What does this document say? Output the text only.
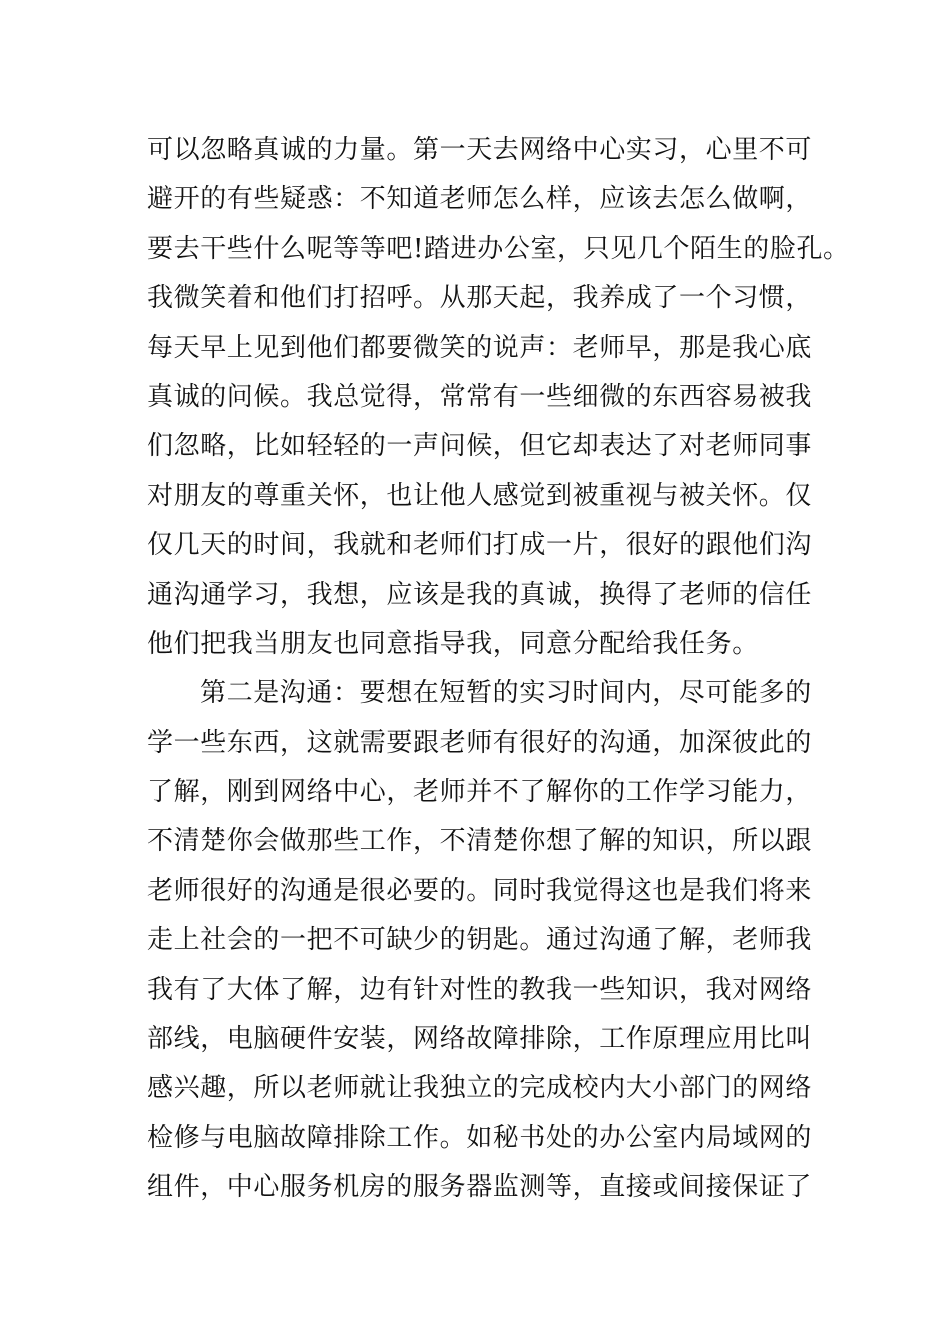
可以忽略真诚的力量。第一天去网络中心实习，心里不可
避开的有些疑惑：不知道老师怎么样，应该去怎么做啊，
要去干些什么呢等等吧!踏进办公室，只见几个陌生的脸孔。
我微笑着和他们打招呼。从那天起，我养成了一个习惯，
每天早上见到他们都要微笑的说声：老师早，那是我心底
真诚的问候。我总觉得，常常有一些细微的东西容易被我
们忽略，比如轻轻的一声问候，但它却表达了对老师同事
对朋友的尊重关怀，也让他人感觉到被重视与被关怀。仅
仅几天的时间，我就和老师们打成一片，很好的跟他们沟
通沟通学习，我想，应该是我的真诚，换得了老师的信任
他们把我当朋友也同意指导我，同意分配给我任务。
第二是沟通：要想在短暂的实习时间内，尽可能多的
学一些东西，这就需要跟老师有很好的沟通，加深彼此的
了解，刚到网络中心，老师并不了解你的工作学习能力，
不清楚你会做那些工作，不清楚你想了解的知识，所以跟
老师很好的沟通是很必要的。同时我觉得这也是我们将来
走上社会的一把不可缺少的钥匙。通过沟通了解，老师我
我有了大体了解，边有针对性的教我一些知识，我对网络
部线，电脑硬件安装，网络故障排除，工作原理应用比叫
感兴趣，所以老师就让我独立的完成校内大小部门的网络
检修与电脑故障排除工作。如秘书处的办公室内局域网的
组件，中心服务机房的服务器监测等，直接或间接保证了
